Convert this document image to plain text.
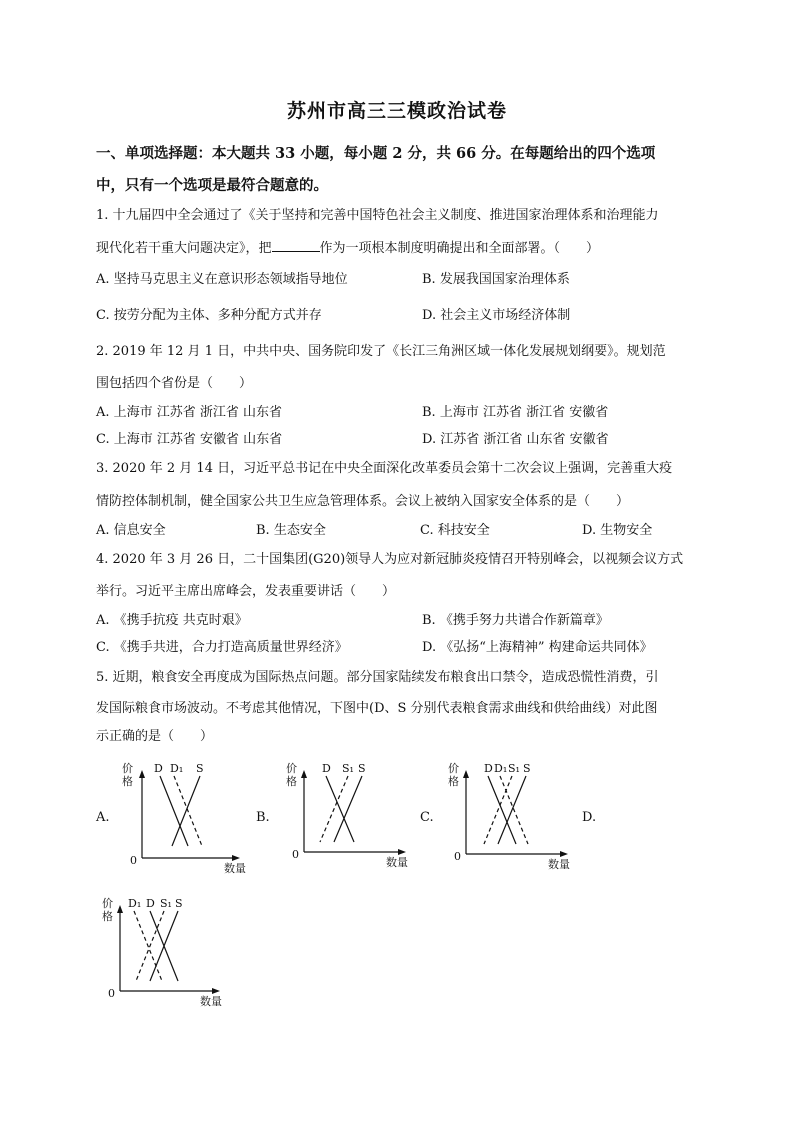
苏州市高三三模政治试卷
一、单项选择题：本大题共 33 小题，每小题 2 分，共 66 分。在每题给出的四个选项
中，只有一个选项是最符合题意的。
1. 十九届四中全会通过了《关于坚持和完善中国特色社会主义制度、推进国家治理体系和治理能力
现代化若干重大问题决定》，把	作为一项根本制度明确提出和全面部署。（　　）
A. 坚持马克思主义在意识形态领域指导地位	B. 发展我国国家治理体系
C. 按劳分配为主体、多种分配方式并存	D. 社会主义市场经济体制
2. 2019 年 12 月 1 日，中共中央、国务院印发了《长江三角洲区域一体化发展规划纲要》。规划范
围包括四个省份是（　　）
A. 上海市 江苏省 浙江省 山东省	B. 上海市 江苏省 浙江省 安徽省
C. 上海市 江苏省 安徽省 山东省	D. 江苏省 浙江省 山东省 安徽省
3. 2020 年 2 月 14 日，习近平总书记在中央全面深化改革委员会第十二次会议上强调，完善重大疫
情防控体制机制，健全国家公共卫生应急管理体系。会议上被纳入国家安全体系的是（　　）
A. 信息安全	B. 生态安全	C. 科技安全	D. 生物安全
4. 2020 年 3 月 26 日，二十国集团(G20)领导人为应对新冠肺炎疫情召开特别峰会，以视频会议方式
举行。习近平主席出席峰会，发表重要讲话（　　）
A. 《携手抗疫 共克时艰》	B. 《携手努力共谱合作新篇章》
C. 《携手共进，合力打造高质量世界经济》	D. 《弘扬“上海精神” 构建命运共同体》
5. 近期，粮食安全再度成为国际热点问题。部分国家陆续发布粮食出口禁令，造成恐慌性消费，引
发国际粮食市场波动。不考虑其他情况，下图中(D、S 分别代表粮食需求曲线和供给曲线）对此图
示正确的是（　　）
A.	B.	C.	D.
价
格
0
数量
D D₁ S	价
格
0
数量
D S₁ S	价
格
0
数量
D D₁ S₁ S
价
格
0
数量
D₁ D S₁ S
